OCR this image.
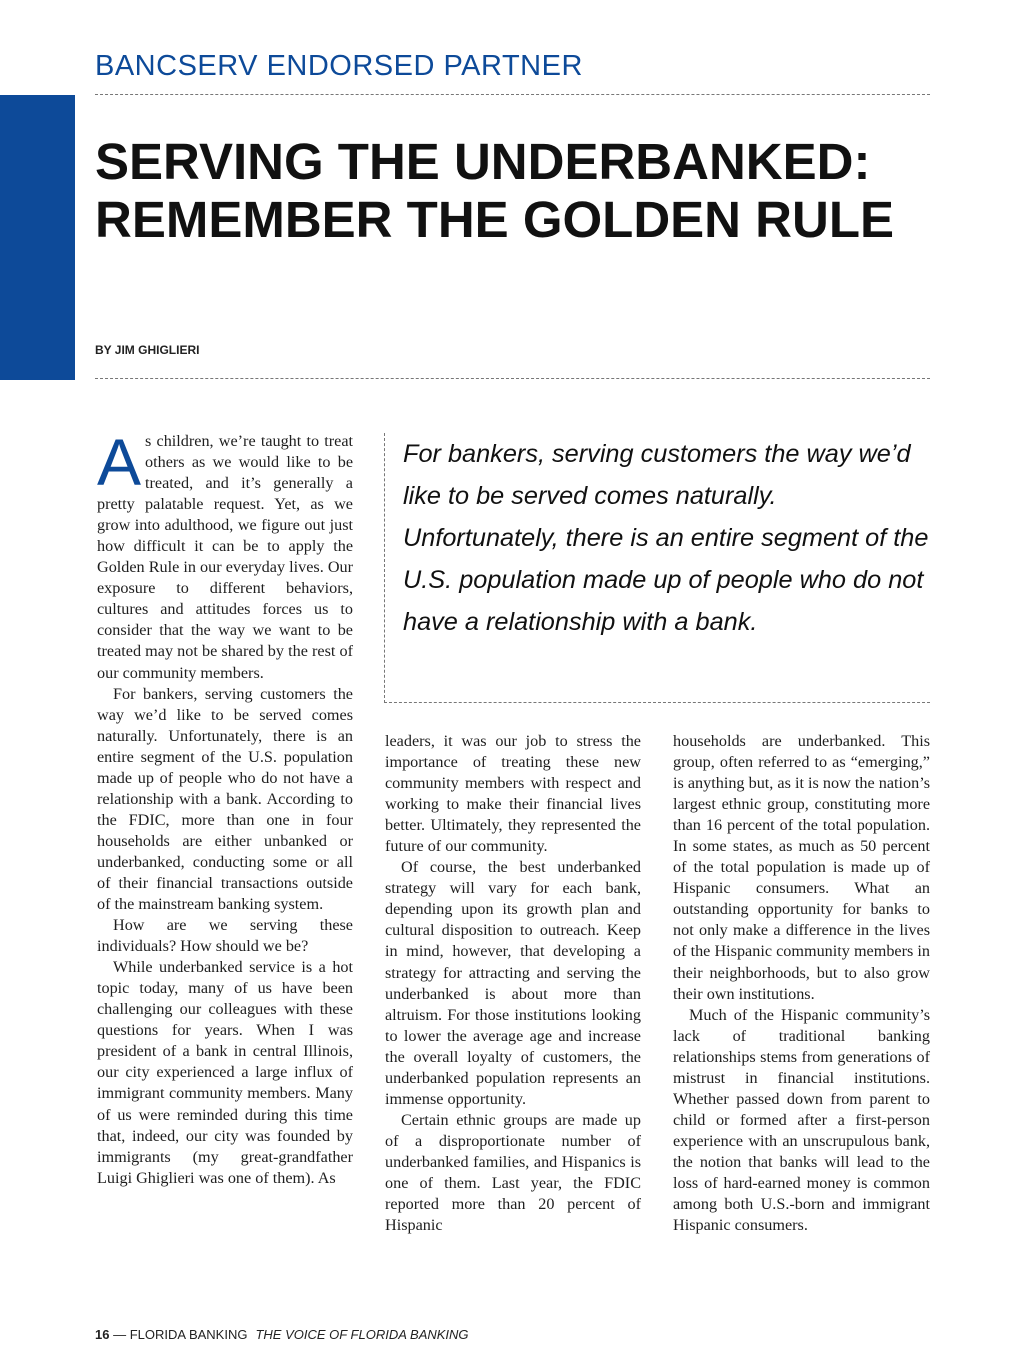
BANCSERV ENDORSED PARTNER
SERVING THE UNDERBANKED:
REMEMBER THE GOLDEN RULE

BY JIM GHIGLIERI

As children, we’re taught to treat others as we would like to be treated, and it’s generally a pretty palatable request. Yet, as we grow into adulthood, we figure out just how difficult it can be to apply the Golden Rule in our everyday lives. Our exposure to different behaviors, cultures and attitudes forces us to consider that the way we want to be treated may not be shared by the rest of our community members.

For bankers, serving customers the way we’d like to be served comes naturally. Unfortunately, there is an entire segment of the U.S. population made up of people who do not have a relationship with a bank. According to the FDIC, more than one in four households are either unbanked or underbanked, conducting some or all of their financial transactions outside of the mainstream banking system.

How are we serving these individuals? How should we be?

While underbanked service is a hot topic today, many of us have been challenging our colleagues with these questions for years. When I was president of a bank in central Illinois, our city experienced a large influx of immigrant community members. Many of us were reminded during this time that, indeed, our city was founded by immigrants (my great-grandfather Luigi Ghiglieri was one of them). As

For bankers, serving customers the way we’d like to be served comes naturally. Unfortunately, there is an entire segment of the U.S. population made up of people who do not have a relationship with a bank.

leaders, it was our job to stress the importance of treating these new community members with respect and working to make their financial lives better. Ultimately, they represented the future of our community.

Of course, the best underbanked strategy will vary for each bank, depending upon its growth plan and cultural disposition to outreach. Keep in mind, however, that developing a strategy for attracting and serving the underbanked is about more than altruism. For those institutions looking to lower the average age and increase the overall loyalty of customers, the underbanked population represents an immense opportunity.

Certain ethnic groups are made up of a disproportionate number of underbanked families, and Hispanics is one of them. Last year, the FDIC reported more than 20 percent of Hispanic

households are underbanked. This group, often referred to as “emerging,” is anything but, as it is now the nation’s largest ethnic group, constituting more than 16 percent of the total population. In some states, as much as 50 percent of the total population is made up of Hispanic consumers. What an outstanding opportunity for banks to not only make a difference in the lives of the Hispanic community members in their neighborhoods, but to also grow their own institutions.

Much of the Hispanic community’s lack of traditional banking relationships stems from generations of mistrust in financial institutions. Whether passed down from parent to child or formed after a first-person experience with an unscrupulous bank, the notion that banks will lead to the loss of hard-earned money is common among both U.S.-born and immigrant Hispanic consumers.

16 — FLORIDA BANKING THE VOICE OF FLORIDA BANKING
